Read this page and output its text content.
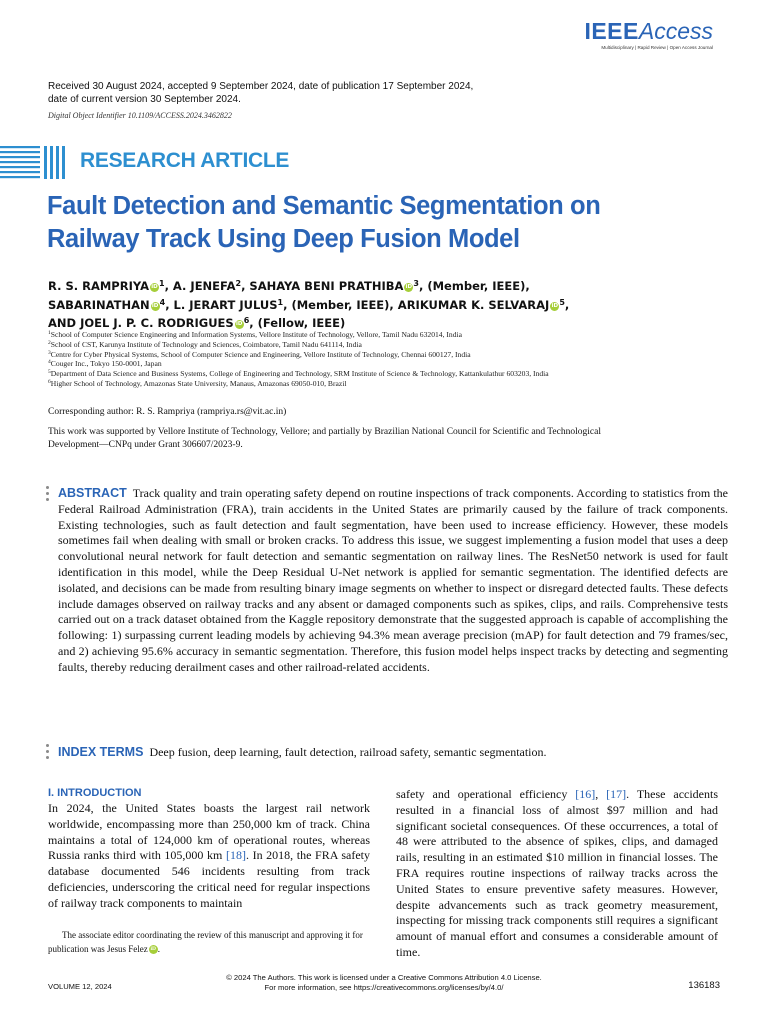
IEEEAccess
Multidisciplinary | Rapid Review | Open Access Journal
Received 30 August 2024, accepted 9 September 2024, date of publication 17 September 2024,
date of current version 30 September 2024.
Digital Object Identifier 10.1109/ACCESS.2024.3462822
RESEARCH ARTICLE
Fault Detection and Semantic Segmentation on
Railway Track Using Deep Fusion Model
R. S. RAMPRIYA $iD^1$, A. JENEFA$^2$, SAHAYA BENI PRATHIBA $iD^3$, (Member, IEEE),
SABARINATHAN $iD^4$, L. JERART JULUS$^1$, (Member, IEEE), ARIKUMAR K. SELVARAJ $iD^5$,
AND JOEL J. P. C. RODRIGUES $iD^6$, (Fellow, IEEE)
$^1$School of Computer Science Engineering and Information Systems, Vellore Institute of Technology, Vellore, Tamil Nadu 632014, India
$^2$School of CST, Karunya Institute of Technology and Sciences, Coimbatore, Tamil Nadu 641114, India
$^3$Centre for Cyber Physical Systems, School of Computer Science and Engineering, Vellore Institute of Technology, Chennai 600127, India
$^4$Couger Inc., Tokyo 150-0001, Japan
$^5$Department of Data Science and Business Systems, College of Engineering and Technology, SRM Institute of Science & Technology, Kattankulathur 603203, India
$^6$Higher School of Technology, Amazonas State University, Manaus, Amazonas 69050-010, Brazil
Corresponding author: R. S. Rampriya (rampriya.rs@vit.ac.in)
This work was supported by Vellore Institute of Technology, Vellore; and partially by Brazilian National Council for Scientific and Technological Development—CNPq under Grant 306607/2023-9.
ABSTRACT Track quality and train operating safety depend on routine inspections of track components. According to statistics from the Federal Railroad Administration (FRA), train accidents in the United States are primarily caused by the failure of track components. Existing technologies, such as fault detection and fault segmentation, have been used to increase efficiency. However, these models sometimes fail when dealing with small or broken cracks. To address this issue, we suggest implementing a fusion model that uses a deep convolutional neural network for fault detection and semantic segmentation on railway lines. The ResNet50 network is used for fault identification in this model, while the Deep Residual U-Net network is applied for semantic segmentation. The identified defects are isolated, and decisions can be made from resulting binary image segments on whether to inspect or disregard detected faults. These defects include damages observed on railway tracks and any absent or damaged components such as spikes, clips, and rails. Comprehensive tests carried out on a track dataset obtained from the Kaggle repository demonstrate that the suggested approach is capable of accomplishing the following: 1) surpassing current leading models by achieving 94.3% mean average precision (mAP) for fault detection and 79 frames/sec, and 2) achieving 95.6% accuracy in semantic segmentation. Therefore, this fusion model helps inspect tracks by detecting and segmenting faults, thereby reducing derailment cases and other railroad-related accidents.
INDEX TERMS Deep fusion, deep learning, fault detection, railroad safety, semantic segmentation.
I. INTRODUCTION
In 2024, the United States boasts the largest rail network worldwide, encompassing more than 250,000 km of track. China maintains a total of 124,000 km of operational routes, whereas Russia ranks third with 105,000 km [18]. In 2018, the FRA safety database documented 546 incidents resulting from track deficiencies, underscoring the critical need for regular inspections of railway track components to maintain
safety and operational efficiency [16], [17]. These accidents resulted in a financial loss of almost $97 million and had significant societal consequences. Of these occurrences, a total of 48 were attributed to the absence of spikes, clips, and damaged rails, resulting in an estimated $10 million in financial losses. The FRA requires routine inspections of railway tracks across the United States to ensure preventive safety measures. However, despite advancements such as track geometry measurement, inspecting for missing track components still requires a significant amount of manual effort and consumes a considerable amount of time.
The associate editor coordinating the review of this manuscript and approving it for publication was Jesus Felez iD .
© 2024 The Authors. This work is licensed under a Creative Commons Attribution 4.0 License.
For more information, see https://creativecommons.org/licenses/by/4.0/
VOLUME 12, 2024	136183
